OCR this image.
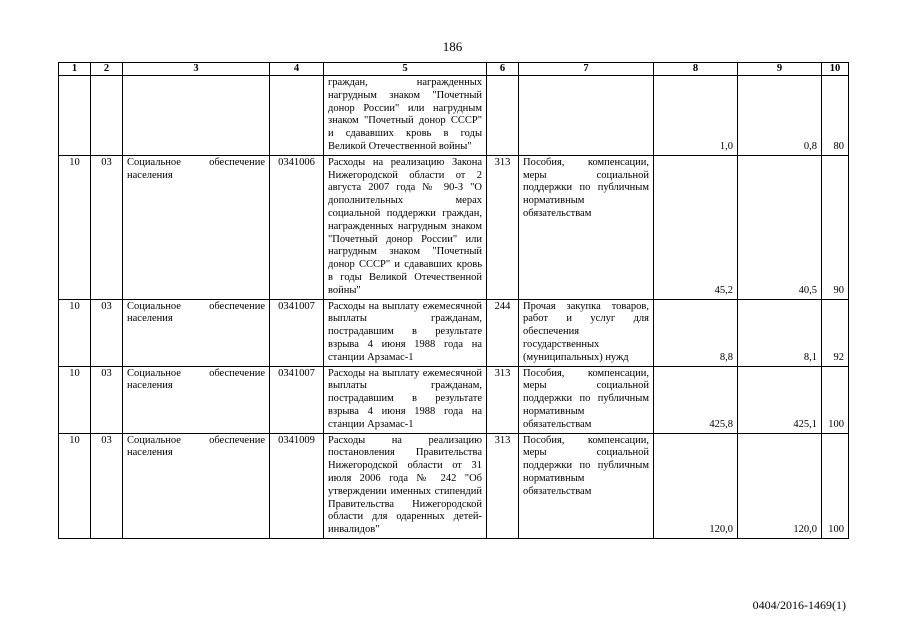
186
1	2	3	4	5	6	7	8	9	10
				граждан, награжденных нагрудным знаком "Почетный донор России" или нагрудным знаком "Почетный донор СССР" и сдававших кровь в годы Великой Отечественной войны"			1,0	0,8	80
10	03	Социальное обеспечение населения	0341006	Расходы на реализацию Закона Нижегородской области от 2 августа 2007 года № 90-З "О дополнительных мерах социальной поддержки граждан, награжденных нагрудным знаком "Почетный донор России" или нагрудным знаком "Почетный донор СССР" и сдававших кровь в годы Великой Отечественной войны"	313	Пособия, компенсации, меры социальной поддержки по публичным нормативным обязательствам	45,2	40,5	90
10	03	Социальное обеспечение населения	0341007	Расходы на выплату ежемесячной выплаты гражданам, пострадавшим в результате взрыва 4 июня 1988 года на станции Арзамас-1	244	Прочая закупка товаров, работ и услуг для обеспечения государственных (муниципальных) нужд	8,8	8,1	92
10	03	Социальное обеспечение населения	0341007	Расходы на выплату ежемесячной выплаты гражданам, пострадавшим в результате взрыва 4 июня 1988 года на станции Арзамас-1	313	Пособия, компенсации, меры социальной поддержки по публичным нормативным обязательствам	425,8	425,1	100
10	03	Социальное обеспечение населения	0341009	Расходы на реализацию постановления Правительства Нижегородской области от 31 июля 2006 года № 242 "Об утверждении именных стипендий Правительства Нижегородской области для одаренных детей-инвалидов"	313	Пособия, компенсации, меры социальной поддержки по публичным нормативным обязательствам	120,0	120,0	100
0404/2016-1469(1)
